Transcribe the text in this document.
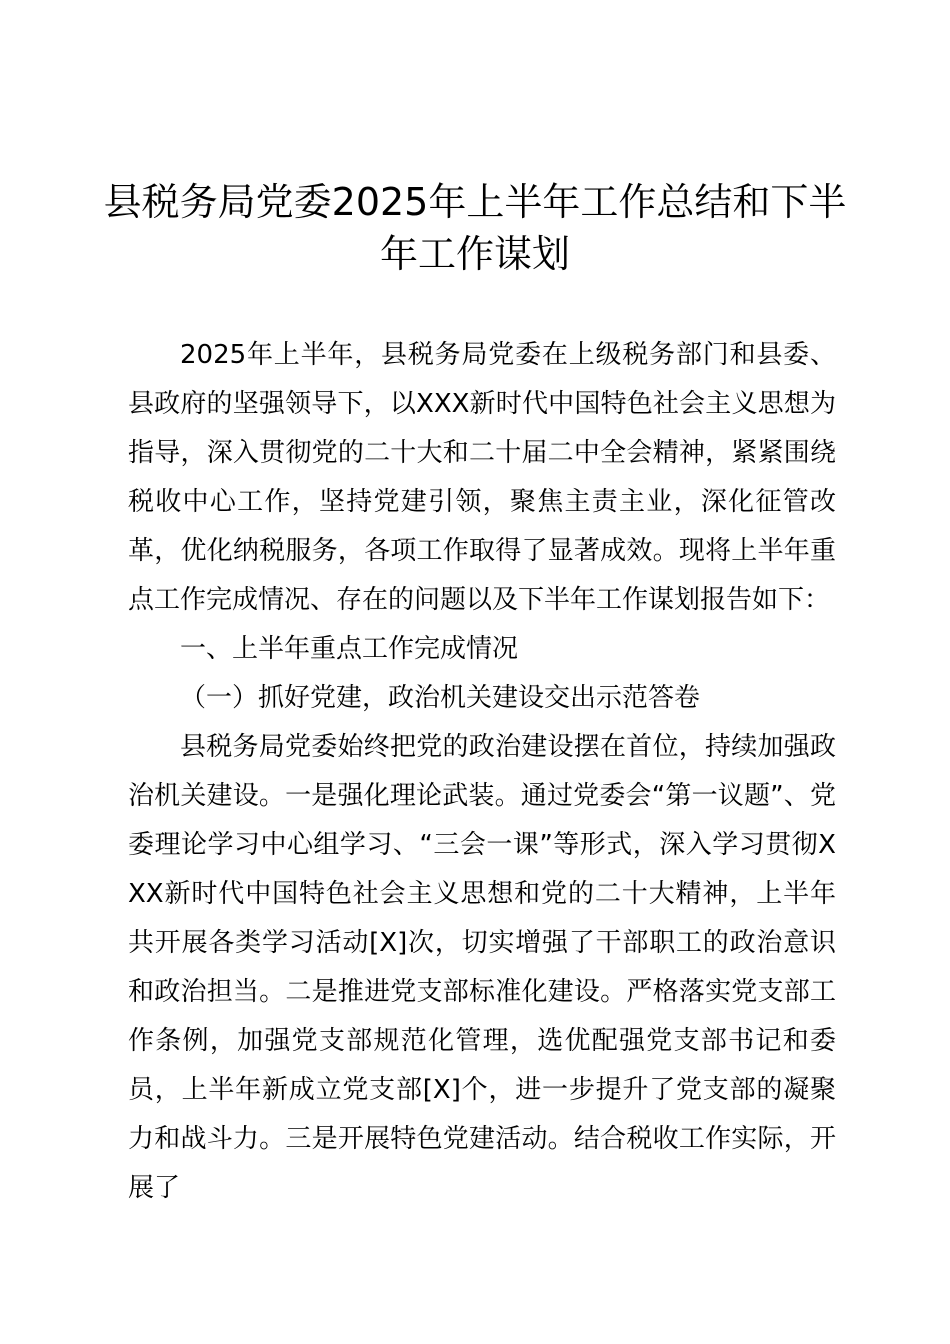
县税务局党委2025年上半年工作总结和下半
年工作谋划

2025年上半年，县税务局党委在上级税务部门和县委、县政府的坚强领导下，以XXX新时代中国特色社会主义思想为指导，深入贯彻党的二十大和二十届二中全会精神，紧紧围绕税收中心工作，坚持党建引领，聚焦主责主业，深化征管改革，优化纳税服务，各项工作取得了显著成效。现将上半年重点工作完成情况、存在的问题以及下半年工作谋划报告如下：

一、上半年重点工作完成情况

（一）抓好党建，政治机关建设交出示范答卷

县税务局党委始终把党的政治建设摆在首位，持续加强政治机关建设。一是强化理论武装。通过党委会“第一议题”、党委理论学习中心组学习、“三会一课”等形式，深入学习贯彻XXX新时代中国特色社会主义思想和党的二十大精神，上半年共开展各类学习活动[X]次，切实增强了干部职工的政治意识和政治担当。二是推进党支部标准化建设。严格落实党支部工作条例，加强党支部规范化管理，选优配强党支部书记和委员，上半年新成立党支部[X]个，进一步提升了党支部的凝聚力和战斗力。三是开展特色党建活动。结合税收工作实际，开展了
